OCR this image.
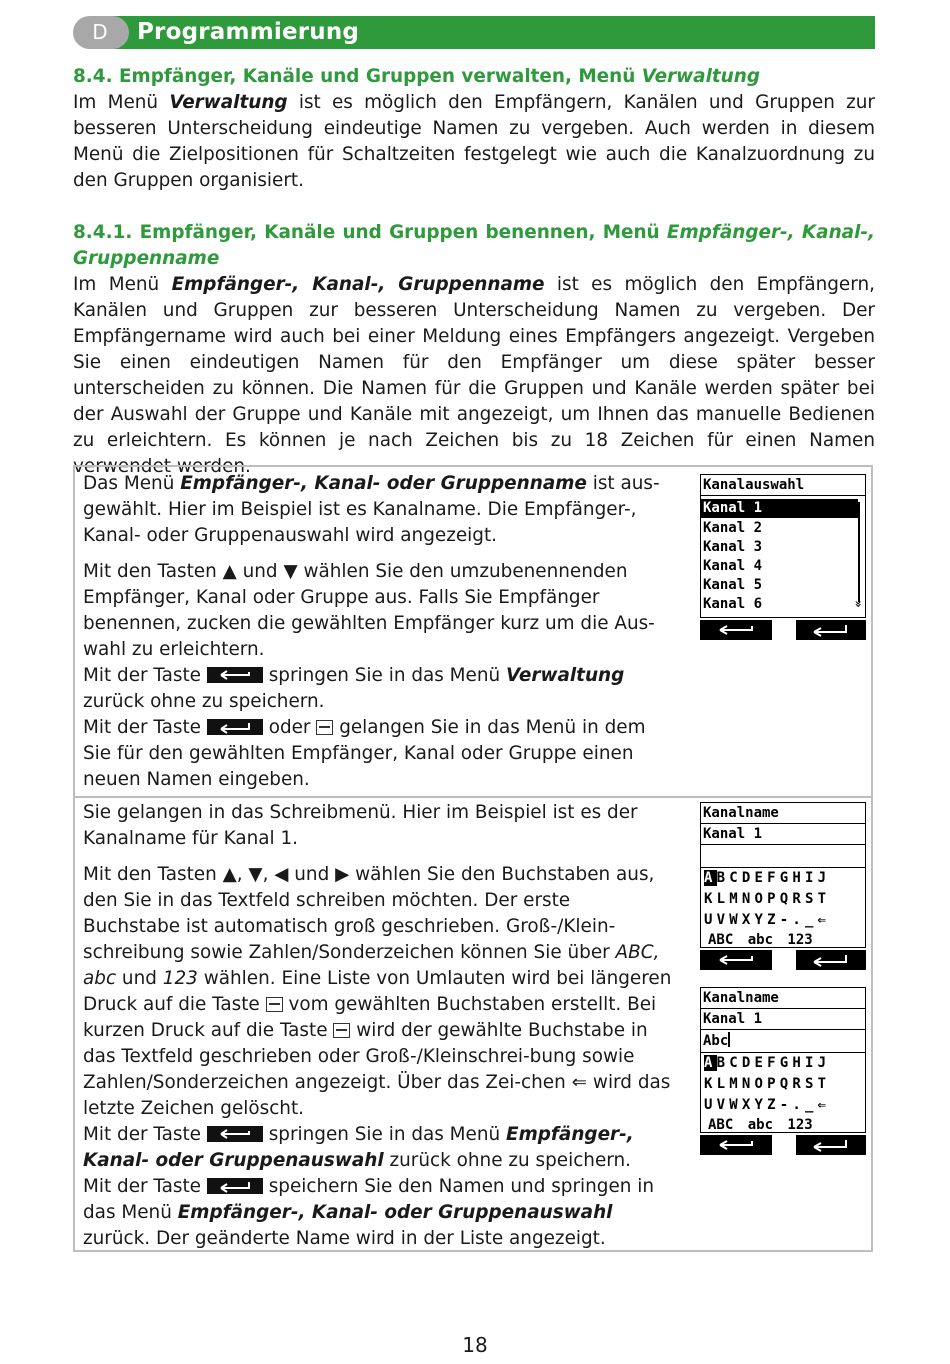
D	Programmierung
8.4. Empfänger, Kanäle und Gruppen verwalten, Menü Verwaltung
Im Menü Verwaltung ist es möglich den Empfängern, Kanälen und Gruppen zur besseren Unterscheidung eindeutige Namen zu vergeben. Auch werden in diesem Menü die Zielpositionen für Schaltzeiten festgelegt wie auch die Kanalzuordnung zu den Gruppen organisiert.
8.4.1. Empfänger, Kanäle und Gruppen benennen, Menü Empfänger-, Kanal-, Gruppenname
Im Menü Empfänger-, Kanal-, Gruppenname ist es möglich den Empfängern, Kanälen und Gruppen zur besseren Unterscheidung Namen zu vergeben. Der Empfängername wird auch bei einer Meldung eines Empfängers angezeigt. Vergeben Sie einen eindeutigen Namen für den Empfänger um diese später besser unterscheiden zu können. Die Namen für die Gruppen und Kanäle werden später bei der Auswahl der Gruppe und Kanäle mit angezeigt, um Ihnen das manuelle Bedienen zu erleichtern. Es können je nach Zeichen bis zu 18 Zeichen für einen Namen verwendet werden.

Das Menü Empfänger-, Kanal- oder Gruppenname ist aus-gewählt. Hier im Beispiel ist es Kanalname. Die Empfänger-, Kanal- oder Gruppenauswahl wird angezeigt.

Mit den Tasten ▲ und ▼ wählen Sie den umzubenennenden Empfänger, Kanal oder Gruppe aus. Falls Sie Empfänger benennen, zucken die gewählten Empfänger kurz um die Aus-wahl zu erleichtern.

Mit der Taste	springen Sie in das Menü Verwaltung zurück ohne zu speichern.

Mit der Taste	oder  gelangen Sie in das Menü in dem Sie für den gewählten Empfänger, Kanal oder Gruppe einen neuen Namen eingeben.

Sie gelangen in das Schreibmenü. Hier im Beispiel ist es der Kanalname für Kanal 1.

Mit den Tasten ▲, ▼, ◀ und ▶ wählen Sie den Buchstaben aus, den Sie in das Textfeld schreiben möchten. Der erste Buchstabe ist automatisch groß geschrieben. Groß-/Klein-schreibung sowie Zahlen/Sonderzeichen können Sie über ABC, abc und 123 wählen. Eine Liste von Umlauten wird bei längeren Druck auf die Taste  vom gewählten Buchstaben erstellt. Bei kurzen Druck auf die Taste  wird der gewählte Buchstabe in das Textfeld geschrieben oder Groß-/Kleinschrei-bung sowie Zahlen/Sonderzeichen angezeigt. Über das Zei-chen ⇐ wird das letzte Zeichen gelöscht.

Mit der Taste	springen Sie in das Menü Empfänger-, Kanal- oder Gruppenauswahl zurück ohne zu speichern.

Mit der Taste	speichern Sie den Namen und springen in das Menü Empfänger-, Kanal- oder Gruppenauswahl zurück. Der geänderte Name wird in der Liste angezeigt.

Kanalauswahl
Kanal 1
Kanal 2
Kanal 3
Kanal 4
Kanal 5
Kanal 6	»
Kanalname
Kanal 1
ABCDEFGHIJ
KLMNOPQRST
UVWXYZ-._⇐
ABC abc 123
Kanalname
Kanal 1
Abc
ABCDEFGHIJ
KLMNOPQRST
UVWXYZ-._⇐
ABC abc 123
18
